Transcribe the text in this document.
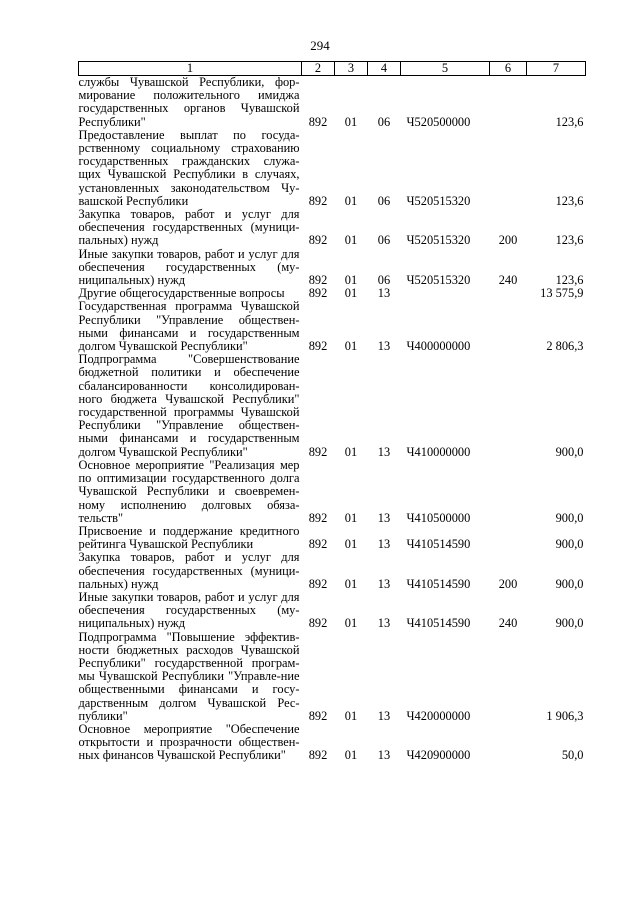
294
1	2	3	4	5	6	7
службы Чувашской Республики, фор-мирование положительного имиджа государственных органов Чувашской Республики"	892	01	06	Ч520500000		123,6
Предоставление выплат по госуда-рственному социальному страхованию государственных гражданских служа-щих Чувашской Республики в случаях, установленных законодательством Чу-вашской Республики	892	01	06	Ч520515320		123,6
Закупка товаров, работ и услуг для обеспечения государственных (муници-пальных) нужд	892	01	06	Ч520515320	200	123,6
Иные закупки товаров, работ и услуг для обеспечения государственных (му-ниципальных) нужд	892	01	06	Ч520515320	240	123,6
Другие общегосударственные вопросы	892	01	13			13 575,9
Государственная программа Чувашской Республики "Управление обществен-ными финансами и государственным долгом Чувашской Республики"	892	01	13	Ч400000000		2 806,3
Подпрограмма "Совершенствование бюджетной политики и обеспечение сбалансированности консолидирован-ного бюджета Чувашской Республики" государственной программы Чувашской Республики "Управление обществен-ными финансами и государственным долгом Чувашской Республики"	892	01	13	Ч410000000		900,0
Основное мероприятие "Реализация мер по оптимизации государственного долга Чувашской Республики и своевремен-ному исполнению долговых обяза-тельств"	892	01	13	Ч410500000		900,0
Присвоение и поддержание кредитного рейтинга Чувашской Республики	892	01	13	Ч410514590		900,0
Закупка товаров, работ и услуг для обеспечения государственных (муници-пальных) нужд	892	01	13	Ч410514590	200	900,0
Иные закупки товаров, работ и услуг для обеспечения государственных (му-ниципальных) нужд	892	01	13	Ч410514590	240	900,0
Подпрограмма "Повышение эффектив-ности бюджетных расходов Чувашской Республики" государственной програм-мы Чувашской Республики "Управле-ние общественными финансами и госу-дарственным долгом Чувашской Рес-публики"	892	01	13	Ч420000000		1 906,3
Основное мероприятие "Обеспечение открытости и прозрачности обществен-ных финансов Чувашской Республики"	892	01	13	Ч420900000		50,0
